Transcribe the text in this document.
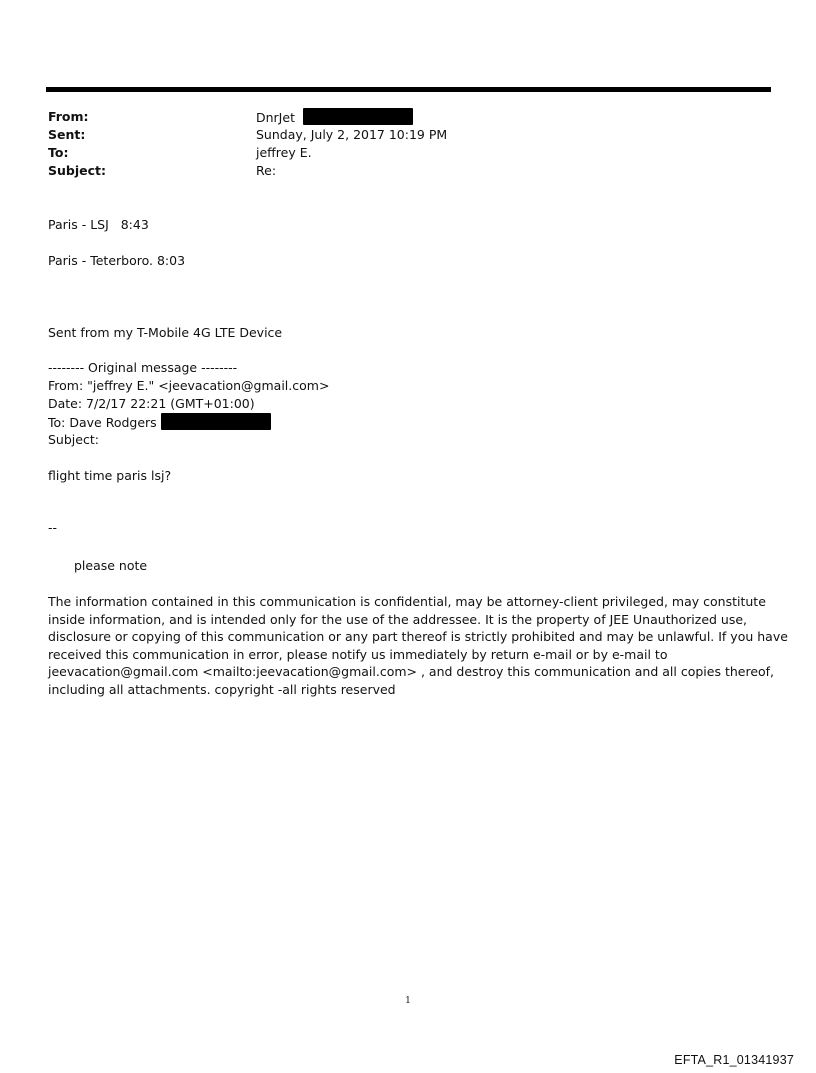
From:	DnrJet
Sent:	Sunday, July 2, 2017 10:19 PM
To:	jeffrey E.
Subject:	Re:
Paris - LSJ   8:43
Paris - Teterboro. 8:03
Sent from my T-Mobile 4G LTE Device
-------- Original message --------
From: "jeffrey E." <jeevacation@gmail.com>
Date: 7/2/17 22:21 (GMT+01:00)
To: Dave Rodgers
Subject:
flight time paris lsj?
--
please note
The information contained in this communication is confidential, may be attorney-client privileged, may constitute
inside information, and is intended only for the use of the addressee. It is the property of JEE Unauthorized use,
disclosure or copying of this communication or any part thereof is strictly prohibited and may be unlawful. If you have
received this communication in error, please notify us immediately by return e-mail or by e-mail to
jeevacation@gmail.com <mailto:jeevacation@gmail.com> , and destroy this communication and all copies thereof,
including all attachments. copyright -all rights reserved
1
EFTA_R1_01341937
